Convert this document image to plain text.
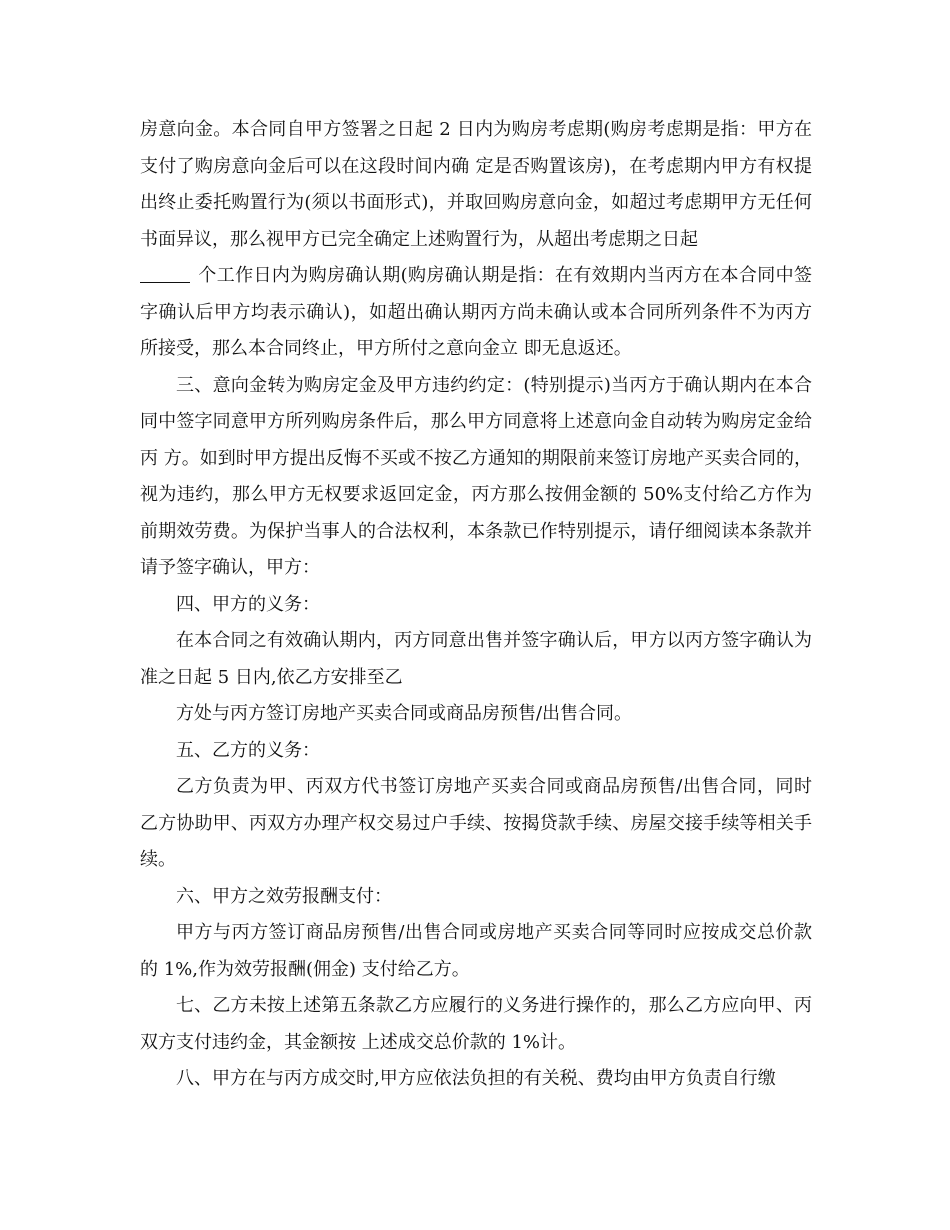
房意向金。本合同自甲方签署之日起 2 日内为购房考虑期(购房考虑期是指：甲方在支付了购房意向金后可以在这段时间内确 定是否购置该房)，在考虑期内甲方有权提出终止委托购置行为(须以书面形式)，并取回购房意向金，如超过考虑期甲方无任何书面异议，那么视甲方已完全确定上述购置行为，从超出考虑期之日起
个工作日内为购房确认期(购房确认期是指：在有效期内当丙方在本合同中签字确认后甲方均表示确认)，如超出确认期丙方尚未确认或本合同所列条件不为丙方所接受，那么本合同终止，甲方所付之意向金立 即无息返还。

三、意向金转为购房定金及甲方违约约定：(特别提示)当丙方于确认期内在本合同中签字同意甲方所列购房条件后，那么甲方同意将上述意向金自动转为购房定金给丙 方。如到时甲方提出反悔不买或不按乙方通知的期限前来签订房地产买卖合同的，视为违约，那么甲方无权要求返回定金，丙方那么按佣金额的 50%支付给乙方作为前期效劳费。为保护当事人的合法权利，本条款已作特别提示，请仔细阅读本条款并请予签字确认，甲方：

四、甲方的义务：

在本合同之有效确认期内，丙方同意出售并签字确认后，甲方以丙方签字确认为准之日起 5 日内,依乙方安排至乙

方处与丙方签订房地产买卖合同或商品房预售/出售合同。

五、乙方的义务：

乙方负责为甲、丙双方代书签订房地产买卖合同或商品房预售/出售合同，同时乙方协助甲、丙双方办理产权交易过户手续、按揭贷款手续、房屋交接手续等相关手续。

六、甲方之效劳报酬支付：

甲方与丙方签订商品房预售/出售合同或房地产买卖合同等同时应按成交总价款的 1%,作为效劳报酬(佣金) 支付给乙方。

七、乙方未按上述第五条款乙方应履行的义务进行操作的，那么乙方应向甲、丙双方支付违约金，其金额按 上述成交总价款的 1%计。

八、甲方在与丙方成交时,甲方应依法负担的有关税、费均由甲方负责自行缴
